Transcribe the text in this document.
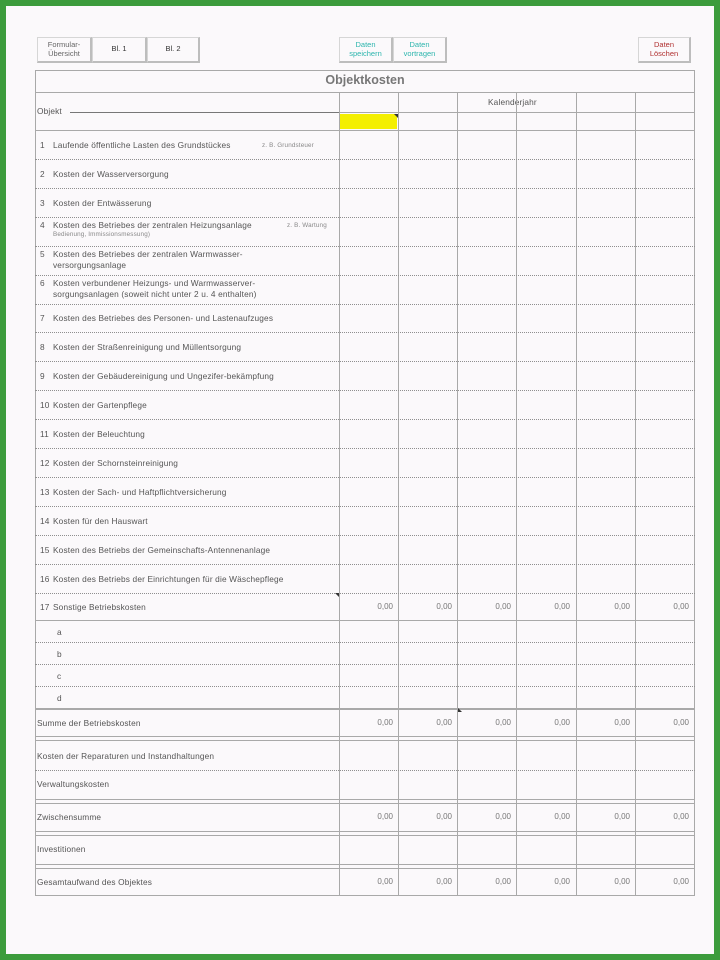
Formular-
Übersicht	Bl. 1	Bl. 2	Daten
speichern
Daten
vortragen
Daten
Löschen
Objektkosten
Objekt
Kalenderjahr
1 Laufende öffentliche Lasten des Grundstückes	z. B. Grundsteuer
2 Kosten der Wasserversorgung
3 Kosten der Entwässerung
4 Kosten des Betriebes der zentralen Heizungsanlage	z. B. Wartung
Bedienung, Immissionsmessung)
5 Kosten des Betriebes der zentralen Warmwasser-
versorgungsanlage
6 Kosten verbundener Heizungs- und Warmwasserver-
sorgungsanlagen (soweit nicht unter 2 u. 4 enthalten)
7 Kosten des Betriebes des Personen- und Lastenaufzuges
8 Kosten der Straßenreinigung und Müllentsorgung
9 Kosten der Gebäudereinigung und Ungezifer-bekämpfung
10 Kosten der Gartenpflege
11 Kosten der Beleuchtung
12 Kosten der Schornsteinreinigung
13 Kosten der Sach- und Haftpflichtversicherung
14 Kosten für den Hauswart
15 Kosten des Betriebs der Gemeinschafts-Antennenanlage
16 Kosten des Betriebs der Einrichtungen für die Wäschepflege
17 Sonstige Betriebskosten	0,00	0,00	0,00	0,00	0,00	0,00
a
b
c
d
Summe der Betriebskosten	0,00	0,00	0,00	0,00	0,00	0,00
Kosten der Reparaturen und Instandhaltungen
Verwaltungskosten
Zwischensumme	0,00	0,00	0,00	0,00	0,00	0,00
Investitionen
Gesamtaufwand des Objektes	0,00	0,00	0,00	0,00	0,00	0,00
